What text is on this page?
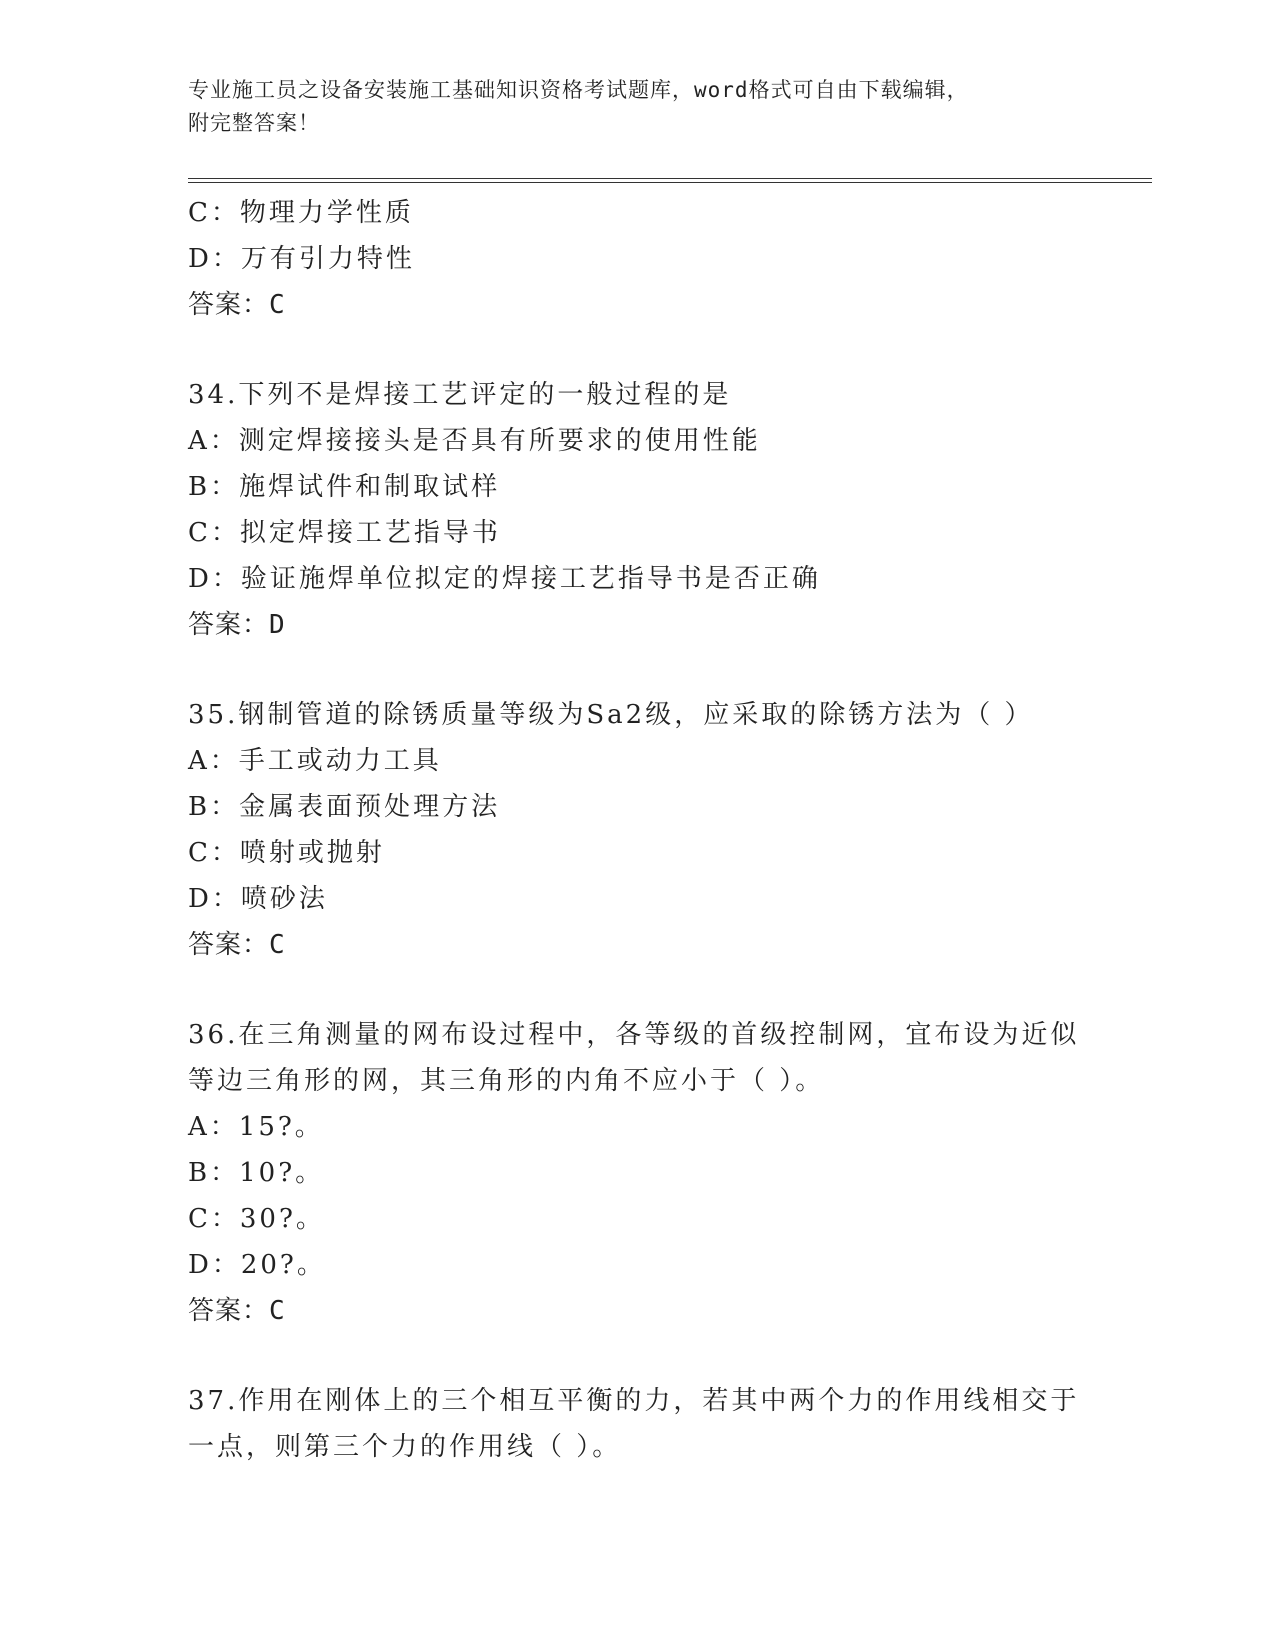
专业施工员之设备安装施工基础知识资格考试题库，word格式可自由下载编辑，
附完整答案！
C：物理力学性质
D：万有引力特性
答案：C
34.下列不是焊接工艺评定的一般过程的是
A：测定焊接接头是否具有所要求的使用性能
B：施焊试件和制取试样
C：拟定焊接工艺指导书
D：验证施焊单位拟定的焊接工艺指导书是否正确
答案：D
35.钢制管道的除锈质量等级为Sa2级，应采取的除锈方法为（ ）
A：手工或动力工具
B：金属表面预处理方法
C：喷射或抛射
D：喷砂法
答案：C
36.在三角测量的网布设过程中，各等级的首级控制网，宜布设为近似
等边三角形的网，其三角形的内角不应小于（ ）。
A：15?。
B：10?。
C：30?。
D：20?。
答案：C
37.作用在刚体上的三个相互平衡的力，若其中两个力的作用线相交于
一点，则第三个力的作用线（ ）。
